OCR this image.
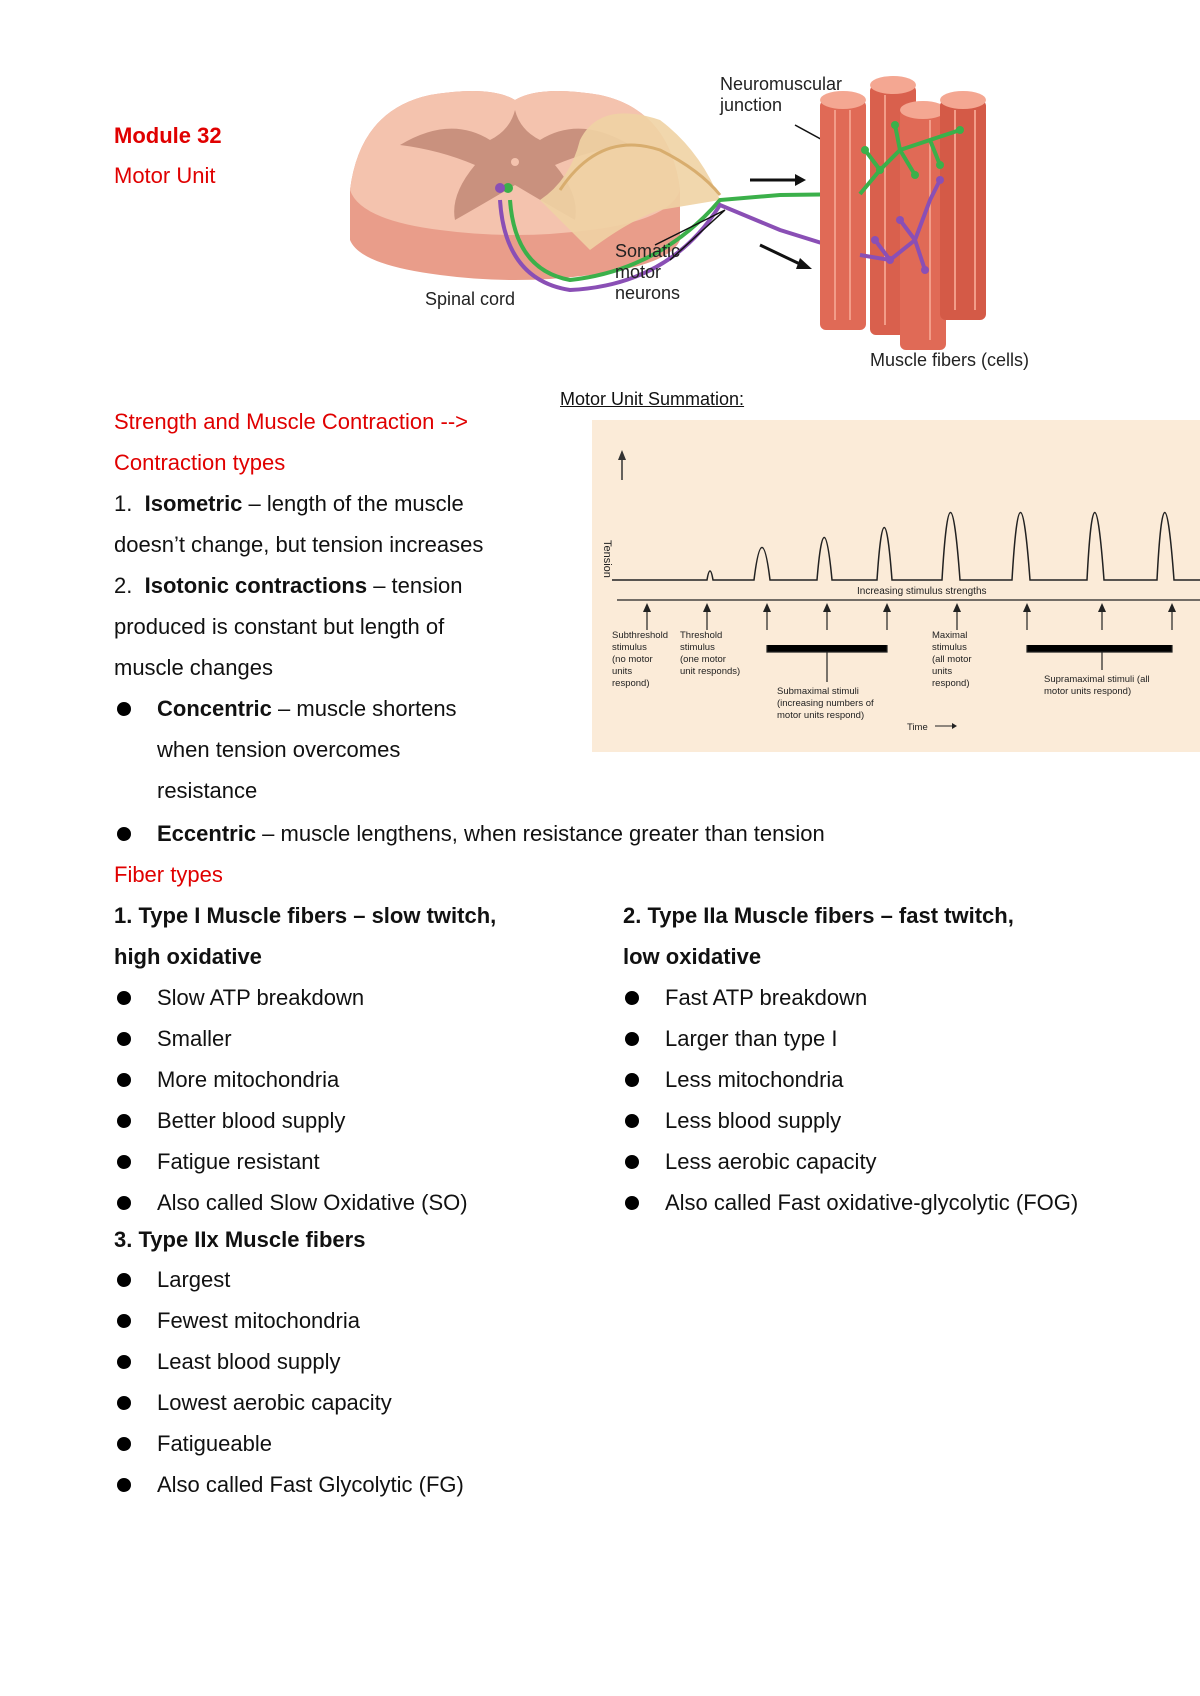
Module 32
Motor Unit
Neuromuscular
junction
Somatic
motor
neurons
Spinal cord
Muscle fibers (cells)
Motor Unit Summation:
Tension
Increasing stimulus strengths
Subthreshold
stimulus
(no motor
units
respond)
Threshold
stimulus
(one motor
unit responds)
Submaximal stimuli
(increasing numbers of
motor units respond)
Maximal
stimulus
(all motor
units
respond)	Supramaximal stimuli (all
motor units respond)
Time
Strength and Muscle Contraction -->
Contraction types
1. Isometric – length of the muscle
doesn’t change, but tension increases
2. Isotonic contractions – tension
produced is constant but length of
muscle changes
Concentric – muscle shortens
when tension overcomes
resistance
Eccentric – muscle lengthens, when resistance greater than tension
Fiber types
1. Type I Muscle fibers – slow twitch,
high oxidative
2. Type IIa Muscle fibers – fast twitch,
low oxidative
Slow ATP breakdown
Smaller
More mitochondria
Better blood supply
Fatigue resistant
Also called Slow Oxidative (SO)
Fast ATP breakdown
Larger than type I
Less mitochondria
Less blood supply
Less aerobic capacity
Also called Fast oxidative-glycolytic (FOG)
3. Type IIx Muscle fibers
Largest
Fewest mitochondria
Least blood supply
Lowest aerobic capacity
Fatigueable
Also called Fast Glycolytic (FG)
